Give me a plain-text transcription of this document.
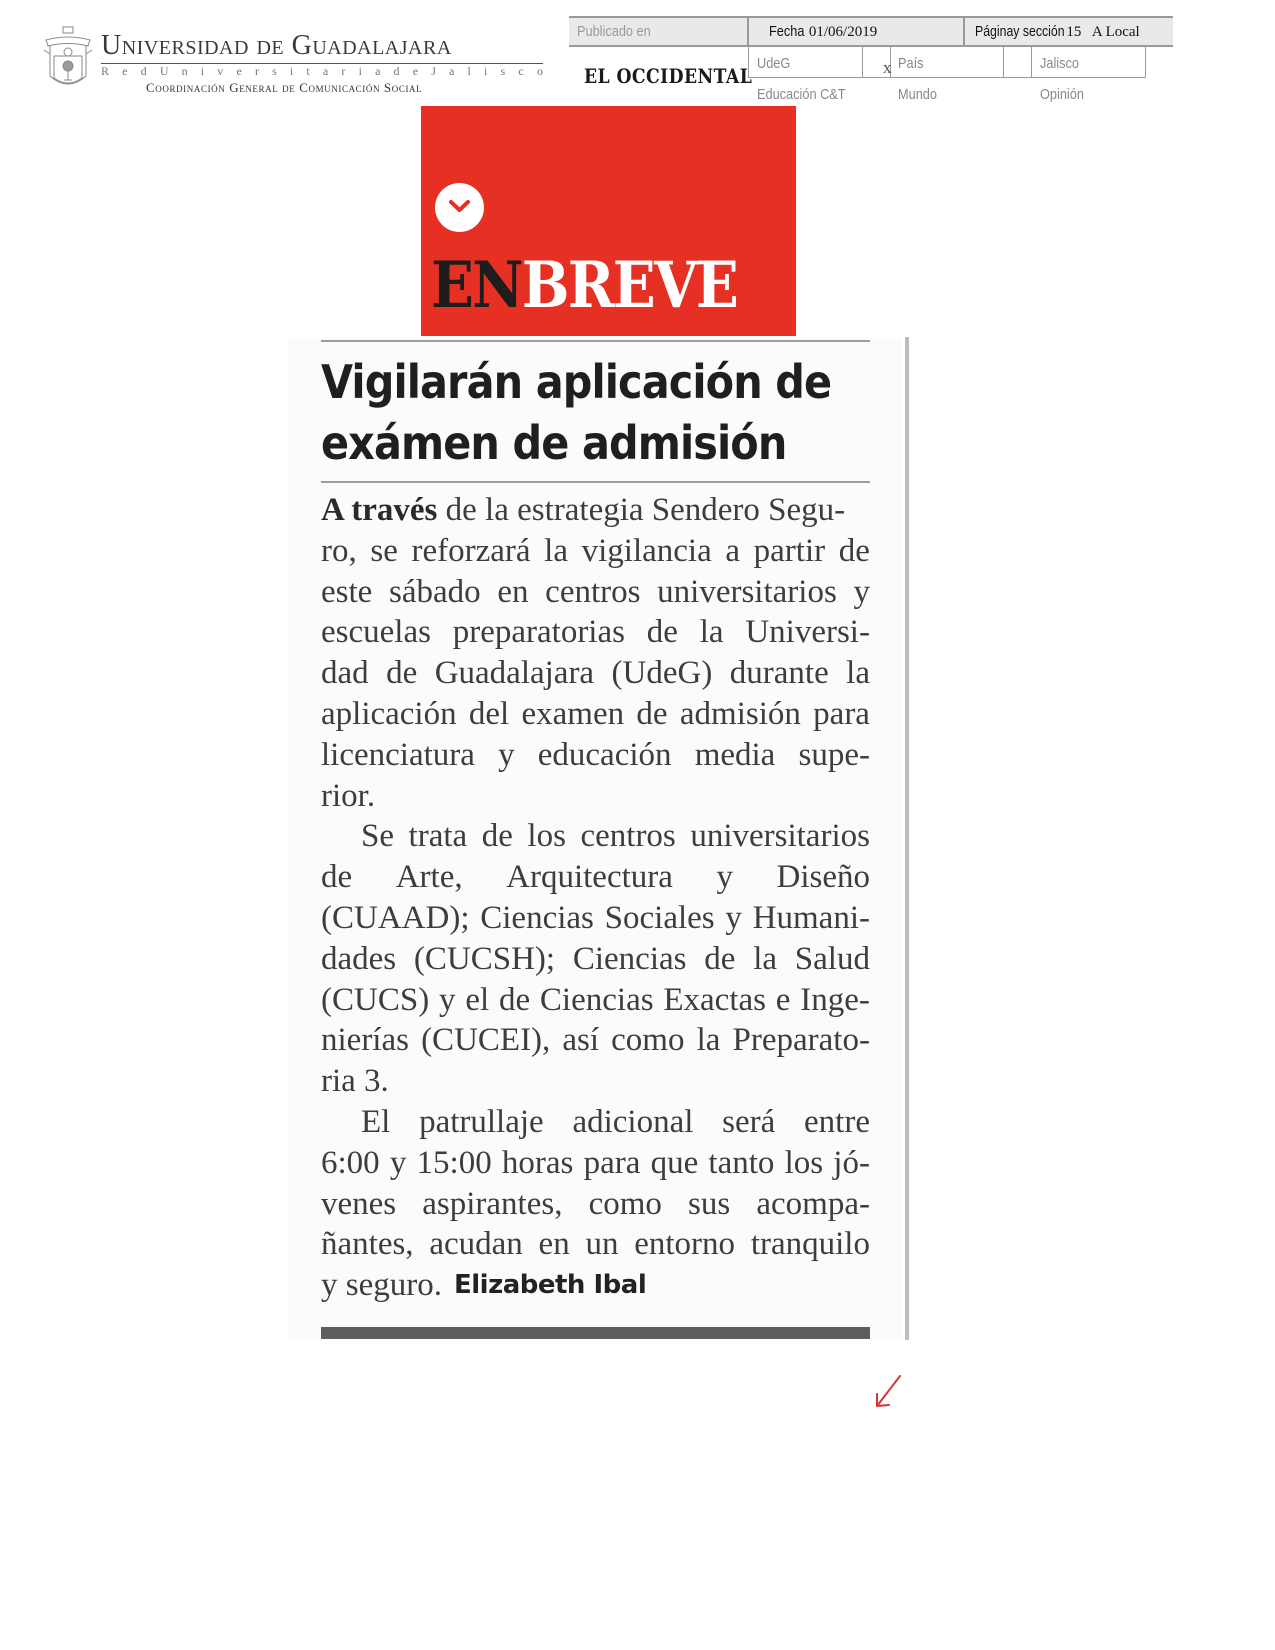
Universidad de Guadalajara
R e d U n i v e r s i t a r i a d e J a l i s c o
Coordinación General de Comunicación Social
Publicado en	Fecha 01/06/2019	Páginay sección 15   A Local
EL OCCIDENTAL
UdeG	x País	Jalisco
Educación C&T	Mundo	Opinión
ENBREVE
Vigilarán aplicación de
exámen de admisión
A través de la estrategia Sendero Segu-
ro, se reforzará la vigilancia a partir de
este sábado en centros universitarios y
escuelas preparatorias de la Universi-
dad de Guadalajara (UdeG) durante la
aplicación del examen de admisión para
licenciatura y educación media supe-
rior.
Se trata de los centros universitarios
de Arte, Arquitectura y Diseño
(CUAAD); Ciencias Sociales y Humani-
dades (CUCSH); Ciencias de la Salud
(CUCS) y el de Ciencias Exactas e Inge-
nierías (CUCEI), así como la Preparato-
ria 3.
El patrullaje adicional será entre
6:00 y 15:00 horas para que tanto los jó-
venes aspirantes, como sus acompa-
ñantes, acudan en un entorno tranquilo
y seguro. Elizabeth Ibal
